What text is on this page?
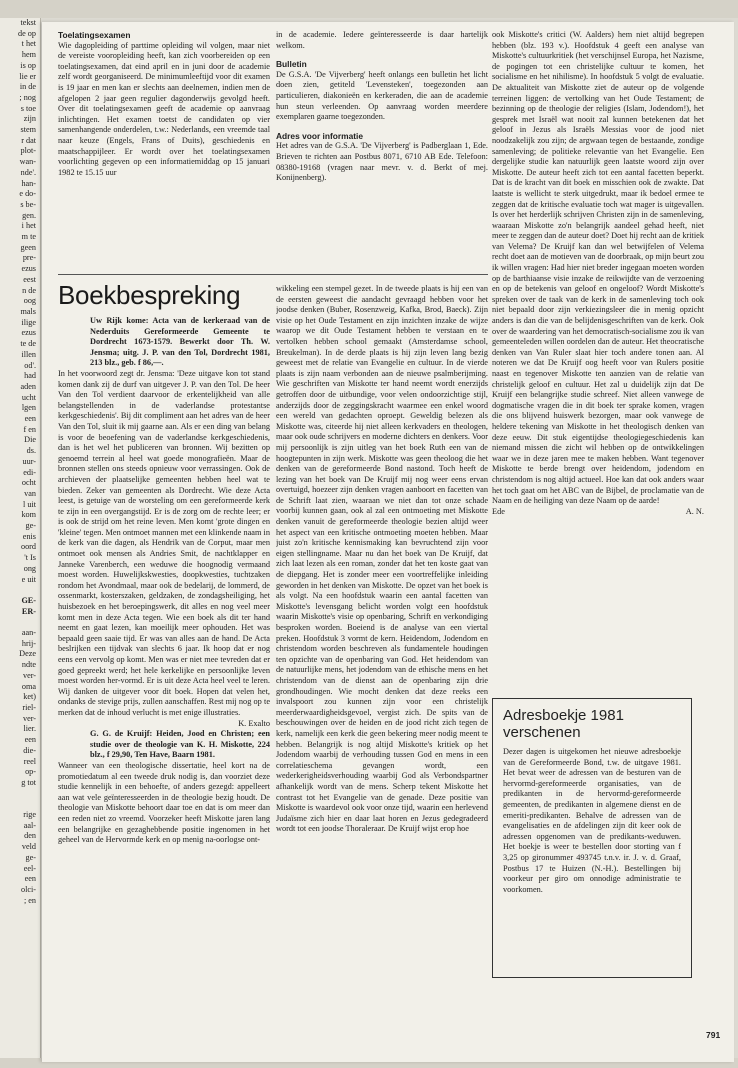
tekst
de op
t het
hem
is op
lie er
in de
; nog
s toe
zijn
stem
r dat
plot-
wan-
nde'.
han-
e do-
s be-
gen.
i het
m te
geen
pre-
ezus
eest
n de
oog
mals
ilige
ezus
te de
illen
od'.
had
aden
ucht
lgen
een
f en
Die
ds.
uur-
edi-
ocht
van
l uit
kom
ge-
enis
oord
't Is
ong
e uit

GE-
ER-

aan-
hrij-
Deze
ndte
ver-
oma
ket)
riel-
ver-
lier.
een
die-
reel
op-
g tot

rige
aal-
den
veld
ge-
eel-
een
olci-
; en

Toelatingsexamen

Wie dagopleiding of parttime opleiding wil volgen, maar niet de vereiste vooropleiding heeft, kan zich voorbereiden op een toelatingsexamen, dat eind april en in juni door de academie zelf wordt georganiseerd. De minimumleeftijd voor dit examen is 19 jaar en men kan er slechts aan deelnemen, indien men de afgelopen 2 jaar geen regulier dagonderwijs gevolgd heeft. Over dit toelatingsexamen geeft de academie op aanvraag inlichtingen. Het examen toetst de candidaten op vier samenhangende onderdelen, t.w.: Nederlands, een vreemde taal naar keuze (Engels, Frans of Duits), geschiedenis en maatschappijleer. Er wordt over het toelatingsexamen voorlichting gegeven op een informatiemiddag op 15 januari 1982 te 15.15 uur

in de academie. Iedere geïnteresseerde is daar hartelijk welkom.

Bulletin

De G.S.A. 'De Vijverberg' heeft onlangs een bulletin het licht doen zien, getiteld 'Levensteken', toegezonden aan particulieren, diakonieën en kerkeraden, die aan de academie hun steun verleenden. Op aanvraag worden meerdere exemplaren gaarne toegezonden.

Adres voor informatie

Het adres van de G.S.A. 'De Vijverberg' is Padberglaan 1, Ede. Brieven te richten aan Postbus 8071, 6710 AB Ede. Telefoon: 08380-19168 (vragen naar mevr. v. d. Berkt of mej. Konijnenberg).

Boekbespreking

Uw Rijk kome: Acta van de kerkeraad van de Nederduits Gereformeerde Gemeente te Dordrecht 1673-1579. Bewerkt door Th. W. Jensma; uitg. J. P. van den Tol, Dordrecht 1981, 213 blz., geb. f 86,—.

In het voorwoord zegt dr. Jensma: 'Deze uitgave kon tot stand komen dank zij de durf van uitgever J. P. van den Tol. De heer Van den Tol verdient daarvoor de erkentelijkheid van alle belangstellenden in de vaderlandse protestantse kerkgeschiedenis'. Bij dit compliment aan het adres van de heer Van den Tol, sluit ik mij gaarne aan. Als er een ding van belang is voor de beoefening van de vaderlandse kerkgeschiedenis, dan is het wel het publiceren van bronnen. Wij bezitten op genoemd terrein al heel wat goede monografieën. Maar de bronnen stellen ons steeds opnieuw voor verrassingen. Ook de archieven der plaatselijke gemeenten hebben heel wat te bieden. Zeker van gemeenten als Dordrecht. Wie deze Acta leest, is getuige van de worsteling om een gereformeerde kerk te zijn in een overgangstijd. Er is de zorg om de rechte leer; er is ook de strijd om het reine leven. Men komt 'grote dingen en 'kleine' tegen. Men ontmoet mannen met een klinkende naam in de kerk van die dagen, als Hendrik van de Corput, maar men ontmoet ook mensen als Andries Smit, de nachtklapper en Janneke Varenberch, een weduwe die hoognodig vermaand moest worden. Huwelijkskwesties, doopkwesties, tuchtzaken rondom het Avondmaal, maar ook de bedelarij, de lommerd, de ossenmarkt, kosterszaken, geldzaken, de zondagsheiliging, het huisbezoek en het beroepingswerk, dit alles en nog veel meer komt men in deze Acta tegen. Wie een boek als dit ter hand neemt en gaat lezen, kan moeilijk meer ophouden. Het was bepaald geen saaie tijd. Er was van alles aan de hand. De Acta beslrijken een tijdvak van slechts 6 jaar. Ik hoop dat er nog eens een vervolg op komt. Men was er niet mee tevreden dat er goed gepreekt werd; het hele kerkelijke en persoonlijke leven moest worden her-vormd. Er is uit deze Acta heel veel te leren. Wij danken de uitgever voor dit boek. Hopen dat velen het, ondanks de stevige prijs, zullen aanschaffen. Rest mij nog op te merken dat de inhoud verlucht is met enige illustraties.

K. Exalto

G. G. de Kruijf: Heiden, Jood en Christen; een studie over de theologie van K. H. Miskotte, 224 blz., f 29,90, Ten Have, Baarn 1981.

Wanneer van een theologische dissertatie, heel kort na de promotiedatum al een tweede druk nodig is, dan voorziet deze studie kennelijk in een behoefte, of anders gezegd: appelleert aan wat vele geïnteresseerden in de theologie bezig houdt. De theologie van Miskotte behoort daar toe en dat is om meer dan een reden niet zo vreemd. Voorzeker heeft Miskotte jaren lang een belangrijke en gezaghebbende positie ingenomen in het geheel van de Hervormde kerk en op menig na-oorlogse ont-

wikkeling een stempel gezet. In de tweede plaats is hij een van de eersten geweest die aandacht gevraagd hebben voor het joodse denken (Buber, Rosenzweig, Kafka, Brod, Baeck). Zijn visie op het Oude Testament en zijn inzichten inzake de wijze waarop we dit Oude Testament hebben te verstaan en te vertolken hebben school gemaakt (Amsterdamse school, Breukelman). In de derde plaats is hij zijn leven lang bezig geweest met de relatie van Evangelie en cultuur. In de vierde plaats is zijn naam verbonden aan de nieuwe psalmberijming. Wie geschriften van Miskotte ter hand neemt wordt enerzijds getroffen door de uitbundige, voor velen ondoorzichtige stijl, anderzijds door de zeggingskracht waarmee een enkel woord een wereld van gedachten oproept. Geweldig belezen als Miskotte was, citeerde hij niet alleen kerkvaders en theologen, maar ook oude schrijvers en moderne dichters en denkers. Voor mij persoonlijk is zijn uitleg van het boek Ruth een van de hoogtepunten in zijn werk. Miskotte was geen theoloog die het denken van de gereformeerde Bond nastond. Toch heeft de lezing van het boek van De Kruijf mij nog weer eens ervan overtuigd, hoezeer zijn denken vragen aanboort en facetten van de Schrift laat zien, waaraan we niet dan tot onze schade voorbij kunnen gaan, ook al zal een ontmoeting met Miskotte denken vanuit de gereformeerde theologie bezien altijd weer het aspect van een kritische ontmoeting moeten hebben. Maar juist zo'n kritische kennismaking kan bevruchtend zijn voor eigen stellingname. Maar nu dan het boek van De Kruijf, dat zich laat lezen als een roman, zonder dat het ten koste gaat van de diepgang. Het is zonder meer een voortreffelijke inleiding geworden in het denken van Miskotte. De opzet van het boek is als volgt. Na een hoofdstuk waarin een aantal facetten van Miskotte's levensgang belicht worden volgt een hoofdstuk waarin Miskotte's visie op openbaring, Schrift en verkondiging besproken worden. Boeiend is de analyse van een viertal preken. Hoofdstuk 3 vormt de kern. Heidendom, Jodendom en christendom worden beschreven als fundamentele houdingen ten opzichte van de openbaring van God. Het heidendom van de natuurlijke mens, het jodendom van de ethische mens en het christendom van de dienst aan de openbaring zijn drie grondhoudingen. Wie mocht denken dat deze reeks een invalspoort zou kunnen zijn voor een christelijk meerderwaardigheidsgevoel, vergist zich. De spits van de beschouwingen over de heiden en de jood richt zich tegen de kerk, namelijk een kerk die geen bekering meer nodig meent te hebben. Belangrijk is nog altijd Miskotte's kritiek op het Jodendom waarbij de verhouding tussen God en mens in een correlatieschema gevangen wordt, een wederkerigheidsverhouding waarbij God als Verbondspartner afhankelijk wordt van de mens. Scherp tekent Miskotte het contrast tot het Evangelie van de genade. Deze positie van Miskotte is waardevol ook voor onze tijd, waarin een herlevend Judaïsme zich hier en daar laat horen en Jezus gedegradeerd wordt tot een joodse Thoraleraar. De Kruijf wijst erop hoe

ook Miskotte's critici (W. Aalders) hem niet altijd begrepen hebben (blz. 193 v.). Hoofdstuk 4 geeft een analyse van Miskotte's cultuurkritiek (het verschijnsel Europa, het Nazisme, de pogingen tot een christelijke cultuur te komen, het socialisme en het nihilisme). In hoofdstuk 5 volgt de evaluatie. De aktualiteit van Miskotte ziet de auteur op de volgende terreinen liggen: de vertolking van het Oude Testament; de bezinning op de theologie der religies (Islam, Jodendom!), het gesprek met Israël wat nooit zal kunnen betekenen dat het geloof in Jezus als Israëls Messias voor de jood niet noodzakelijk zou zijn; de argwaan tegen de bestaande, zondige samenleving; de politieke relevantie van het Evangelie. Een dergelijke studie kan natuurlijk geen laatste woord zijn over Miskotte. De auteur heeft zich tot een aantal facetten beperkt. Dat is de kracht van dit boek en misschien ook de zwakte. Dat laatste is wellicht te sterk uitgedrukt, maar ik bedoel ermee te zeggen dat de kritische evaluatie toch wat mager is uitgevallen. Is over het herderlijk schrijven Christen zijn in de samenleving, waaraan Miskotte zo'n belangrijk aandeel gehad heeft, niet meer te zeggen dan de auteur doet? Doet hij recht aan de kritiek van Velema? De Kruijf kan dan wel betwijfelen of Velema recht doet aan de motieven van de doorbraak, op mijn beurt zou ik willen vragen: Had hier niet breder ingegaan moeten worden op de barthiaanse visie inzake de reikwijdte van de verzoening en op de betekenis van geloof en ongeloof? Wordt Miskotte's spreken over de taak van de kerk in de samenleving toch ook niet bepaald door zijn verkiezingsleer die in menig opzicht anders is dan die van de belijdenisgeschriften van de kerk. Ook over de waardering van het democratisch-socialisme zou ik van gemeenteleden willen oordelen dan de auteur. Het theocratische denken van Van Ruler slaat hier toch andere tonen aan. Al noteren we dat De Kruijf oog heeft voor van Rulers positie naast en tegenover Miskotte ten aanzien van de relatie van christelijk geloof en cultuur. Het zal u duidelijk zijn dat De Kruijf een belangrijke studie schreef. Niet alleen vanwege de dogmatische vragen die in dit boek ter sprake komen, vragen die ons blijvend huiswerk bezorgen, maar ook vanwege de heldere tekening van Miskotte in het theologisch denken van deze eeuw. Dit stuk eigentijdse theologiegeschiedenis kan niemand missen die zicht wil hebben op de ontwikkelingen waar we in deze jaren mee te maken hebben. Want tegenover Miskotte te berde brengt over heidendom, jodendom en christendom is nog altijd actueel. Hoe kan dat ook anders waar het toch gaat om het ABC van de Bijbel, de proclamatie van de Naam en de heiliging van deze Naam op de aarde!

Ede	A. N.
Adresboekje 1981 verschenen
Dezer dagen is uitgekomen het nieuwe adresboekje van de Gereformeerde Bond, t.w. de uitgave 1981. Het bevat weer de adressen van de besturen van de hervormd-gereformeerde organisaties, van de predikanten in de hervormd-gereformeerde gemeenten, de predikanten in algemene dienst en de emeriti-predikanten. Behalve de adressen van de evangelisaties en de afdelingen zijn dit keer ook de adressen opgenomen van de predikants-weduwen. Het boekje is weer te bestellen door storting van f 3,25 op gironummer 493745 t.n.v. ir. J. v. d. Graaf, Postbus 17 te Huizen (N.-H.). Bestellingen bij voorkeur per giro om onnodige administratie te voorkomen.
791
